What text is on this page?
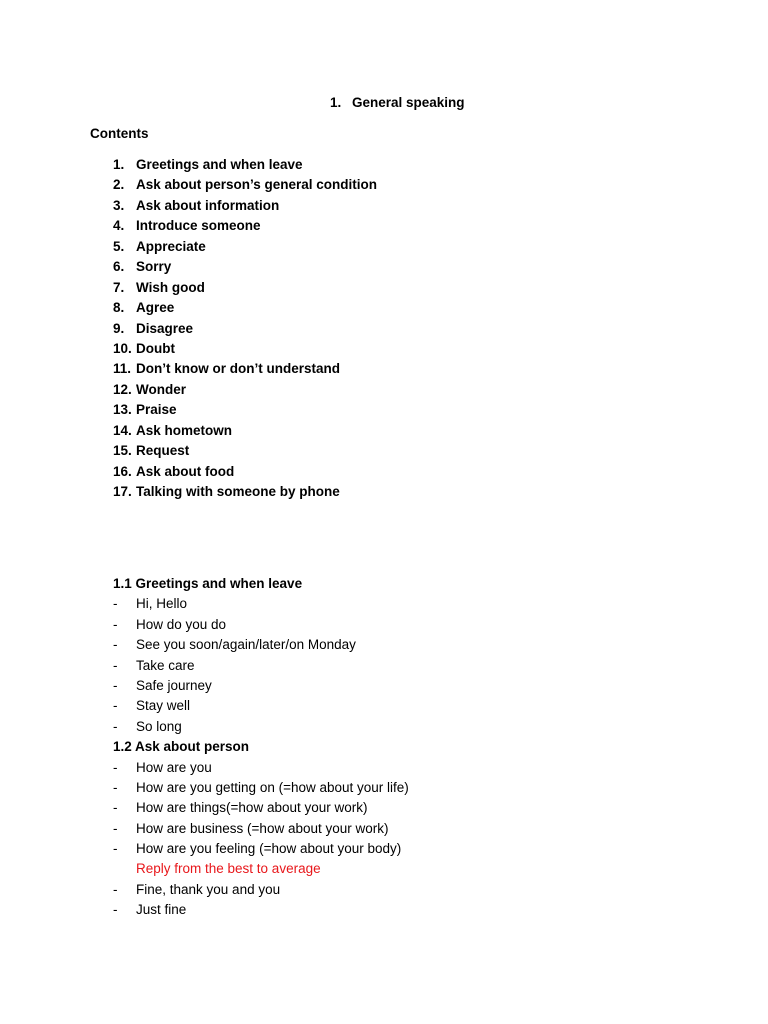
1. General speaking
Contents
1. Greetings and when leave
2. Ask about person’s general condition
3. Ask about information
4. Introduce someone
5. Appreciate
6. Sorry
7. Wish good
8. Agree
9. Disagree
10. Doubt
11. Don’t know or don’t understand
12. Wonder
13. Praise
14. Ask hometown
15. Request
16. Ask about food
17. Talking with someone by phone
1.1 Greetings and when leave
- Hi, Hello
- How do you do
- See you soon/again/later/on Monday
- Take care
- Safe journey
- Stay well
- So long
1.2 Ask about person
- How are you
- How are you getting on (=how about your life)
- How are things(=how about your work)
- How are business (=how about your work)
- How are you feeling (=how about your body)
Reply from the best to average
- Fine, thank you and you
- Just fine
